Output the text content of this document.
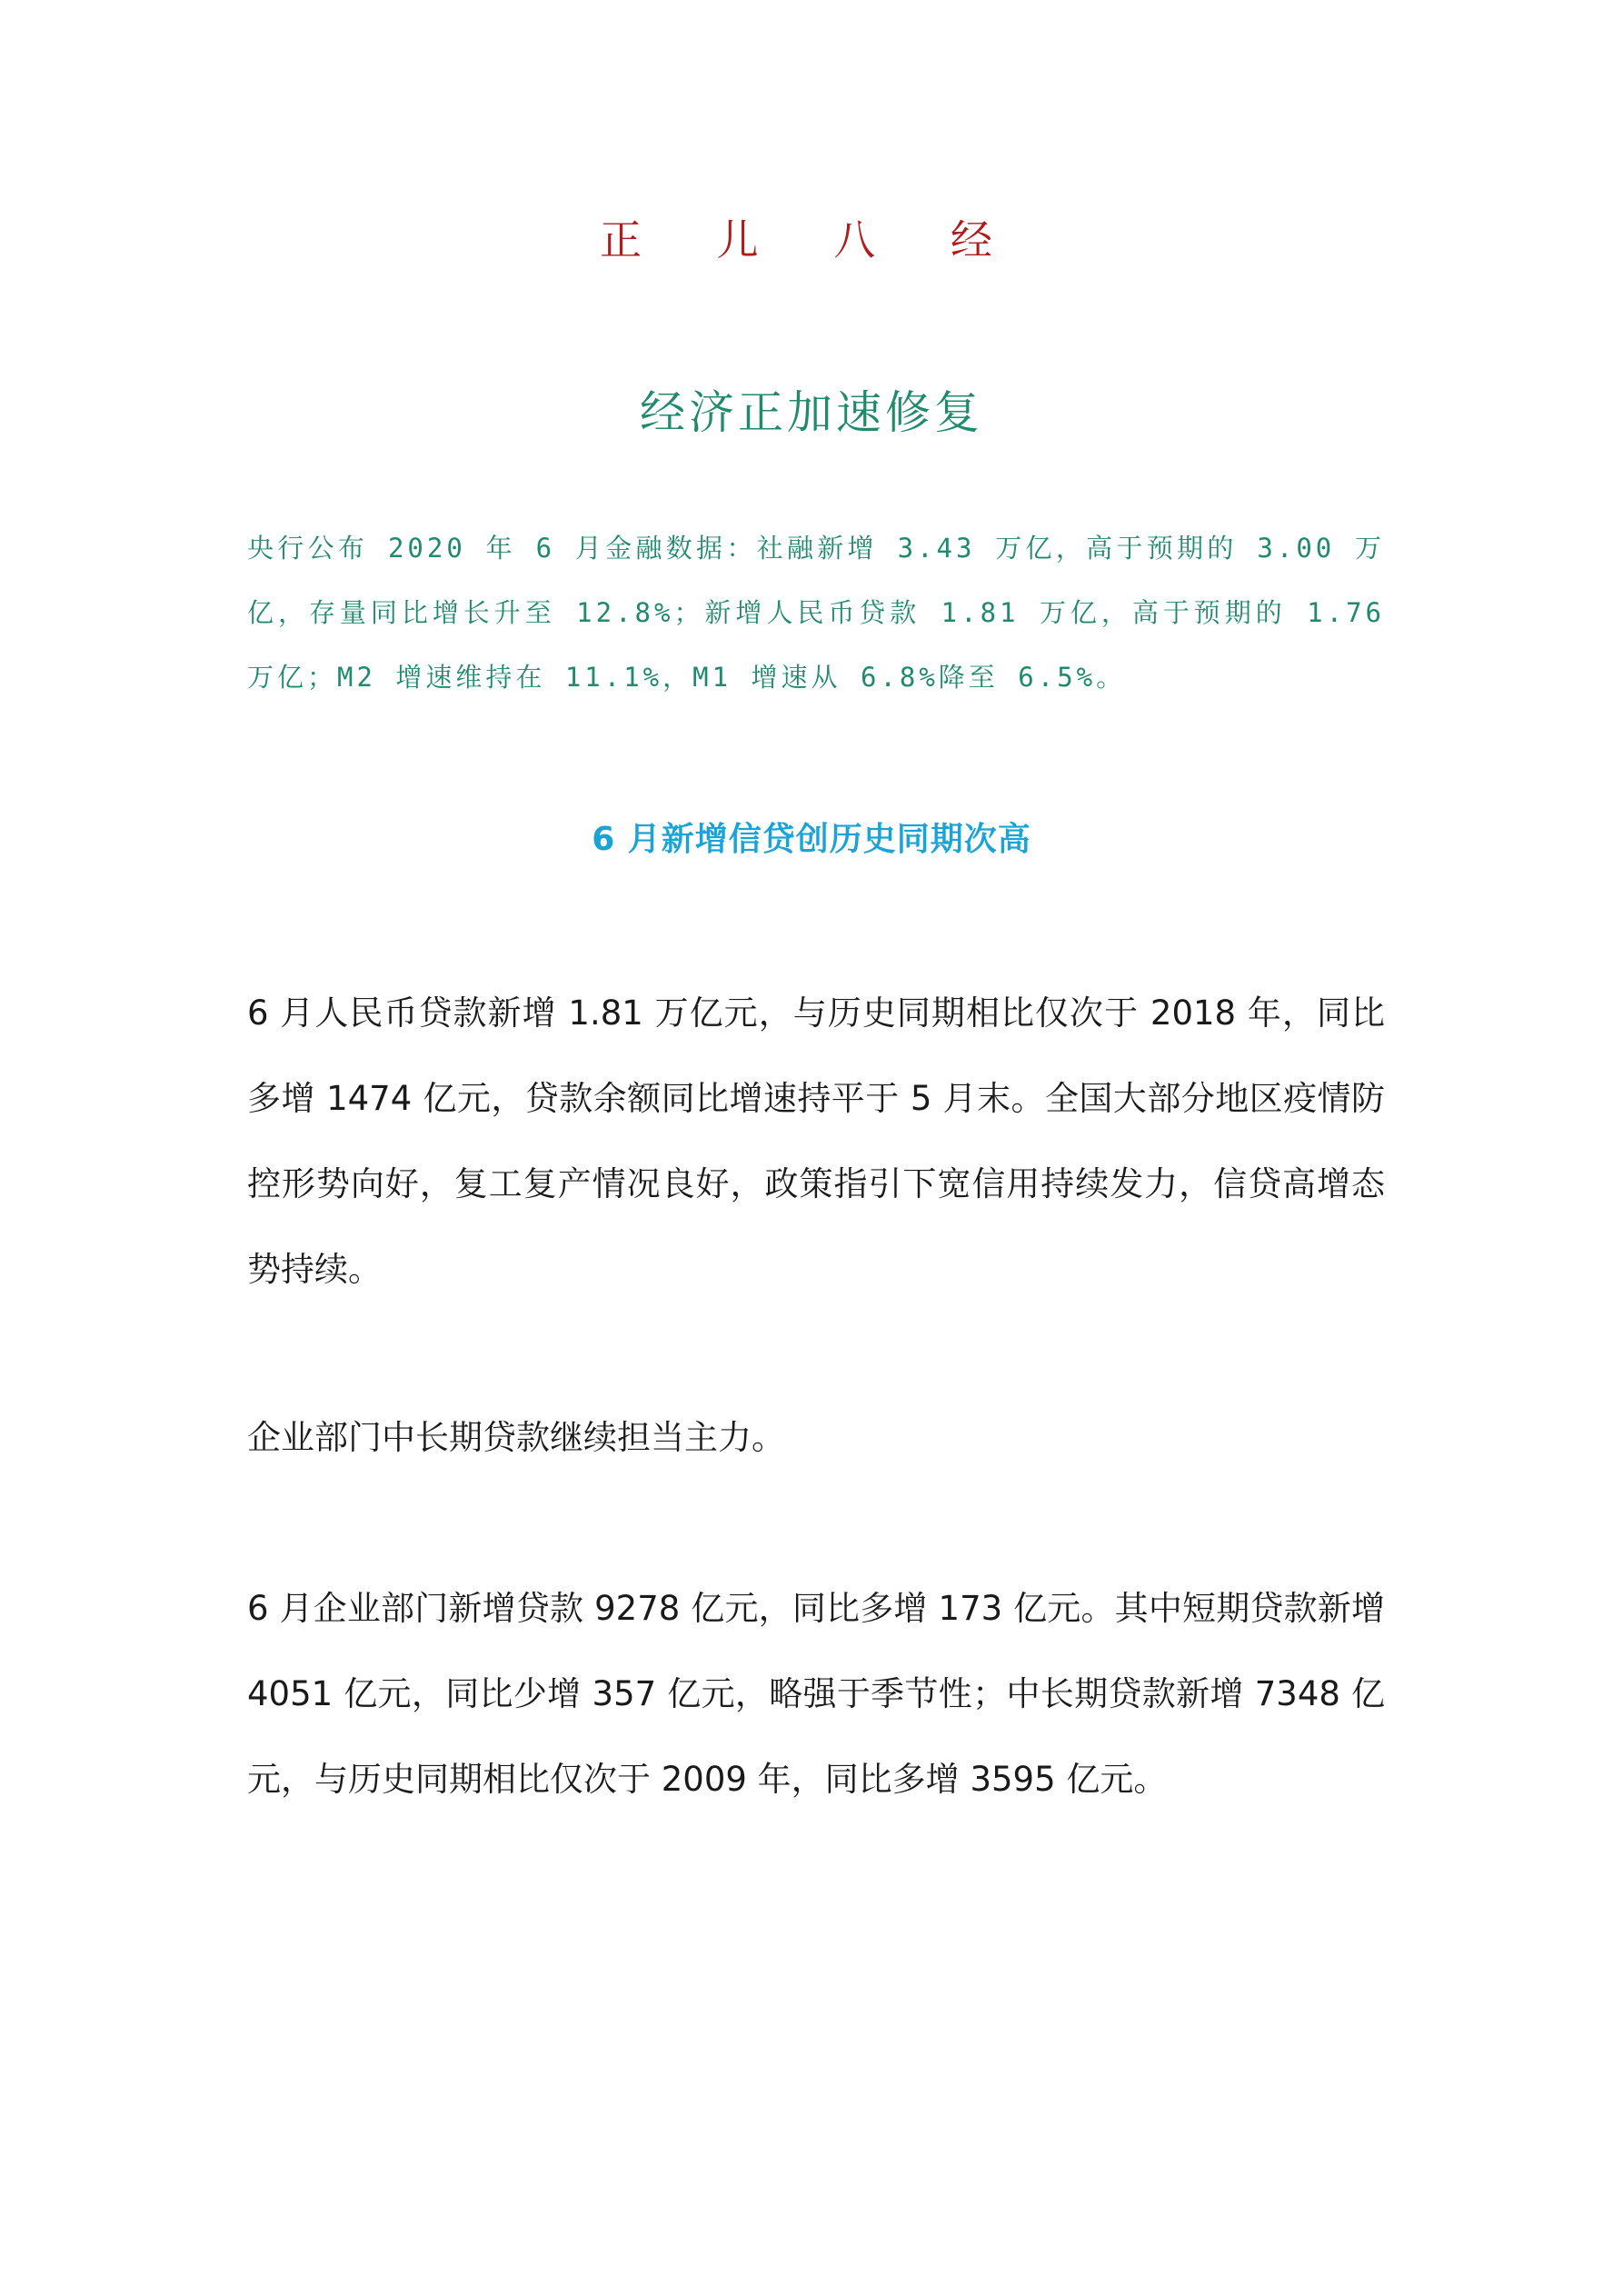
正 儿 八 经
经济正加速修复

央行公布 2020 年 6 月金融数据：社融新增 3.43 万亿，高于预期的 3.00 万亿，存量同比增长升至 12.8%；新增人民币贷款 1.81 万亿，高于预期的 1.76 万亿；M2 增速维持在 11.1%，M1 增速从 6.8%降至 6.5%。

6 月新增信贷创历史同期次高

6 月人民币贷款新增 1.81 万亿元，与历史同期相比仅次于 2018 年，同比多增 1474 亿元，贷款余额同比增速持平于 5 月末。全国大部分地区疫情防控形势向好，复工复产情况良好，政策指引下宽信用持续发力，信贷高增态势持续。

企业部门中长期贷款继续担当主力。

6 月企业部门新增贷款 9278 亿元，同比多增 173 亿元。其中短期贷款新增 4051 亿元，同比少增 357 亿元，略强于季节性；中长期贷款新增 7348 亿元，与历史同期相比仅次于 2009 年，同比多增 3595 亿元。
